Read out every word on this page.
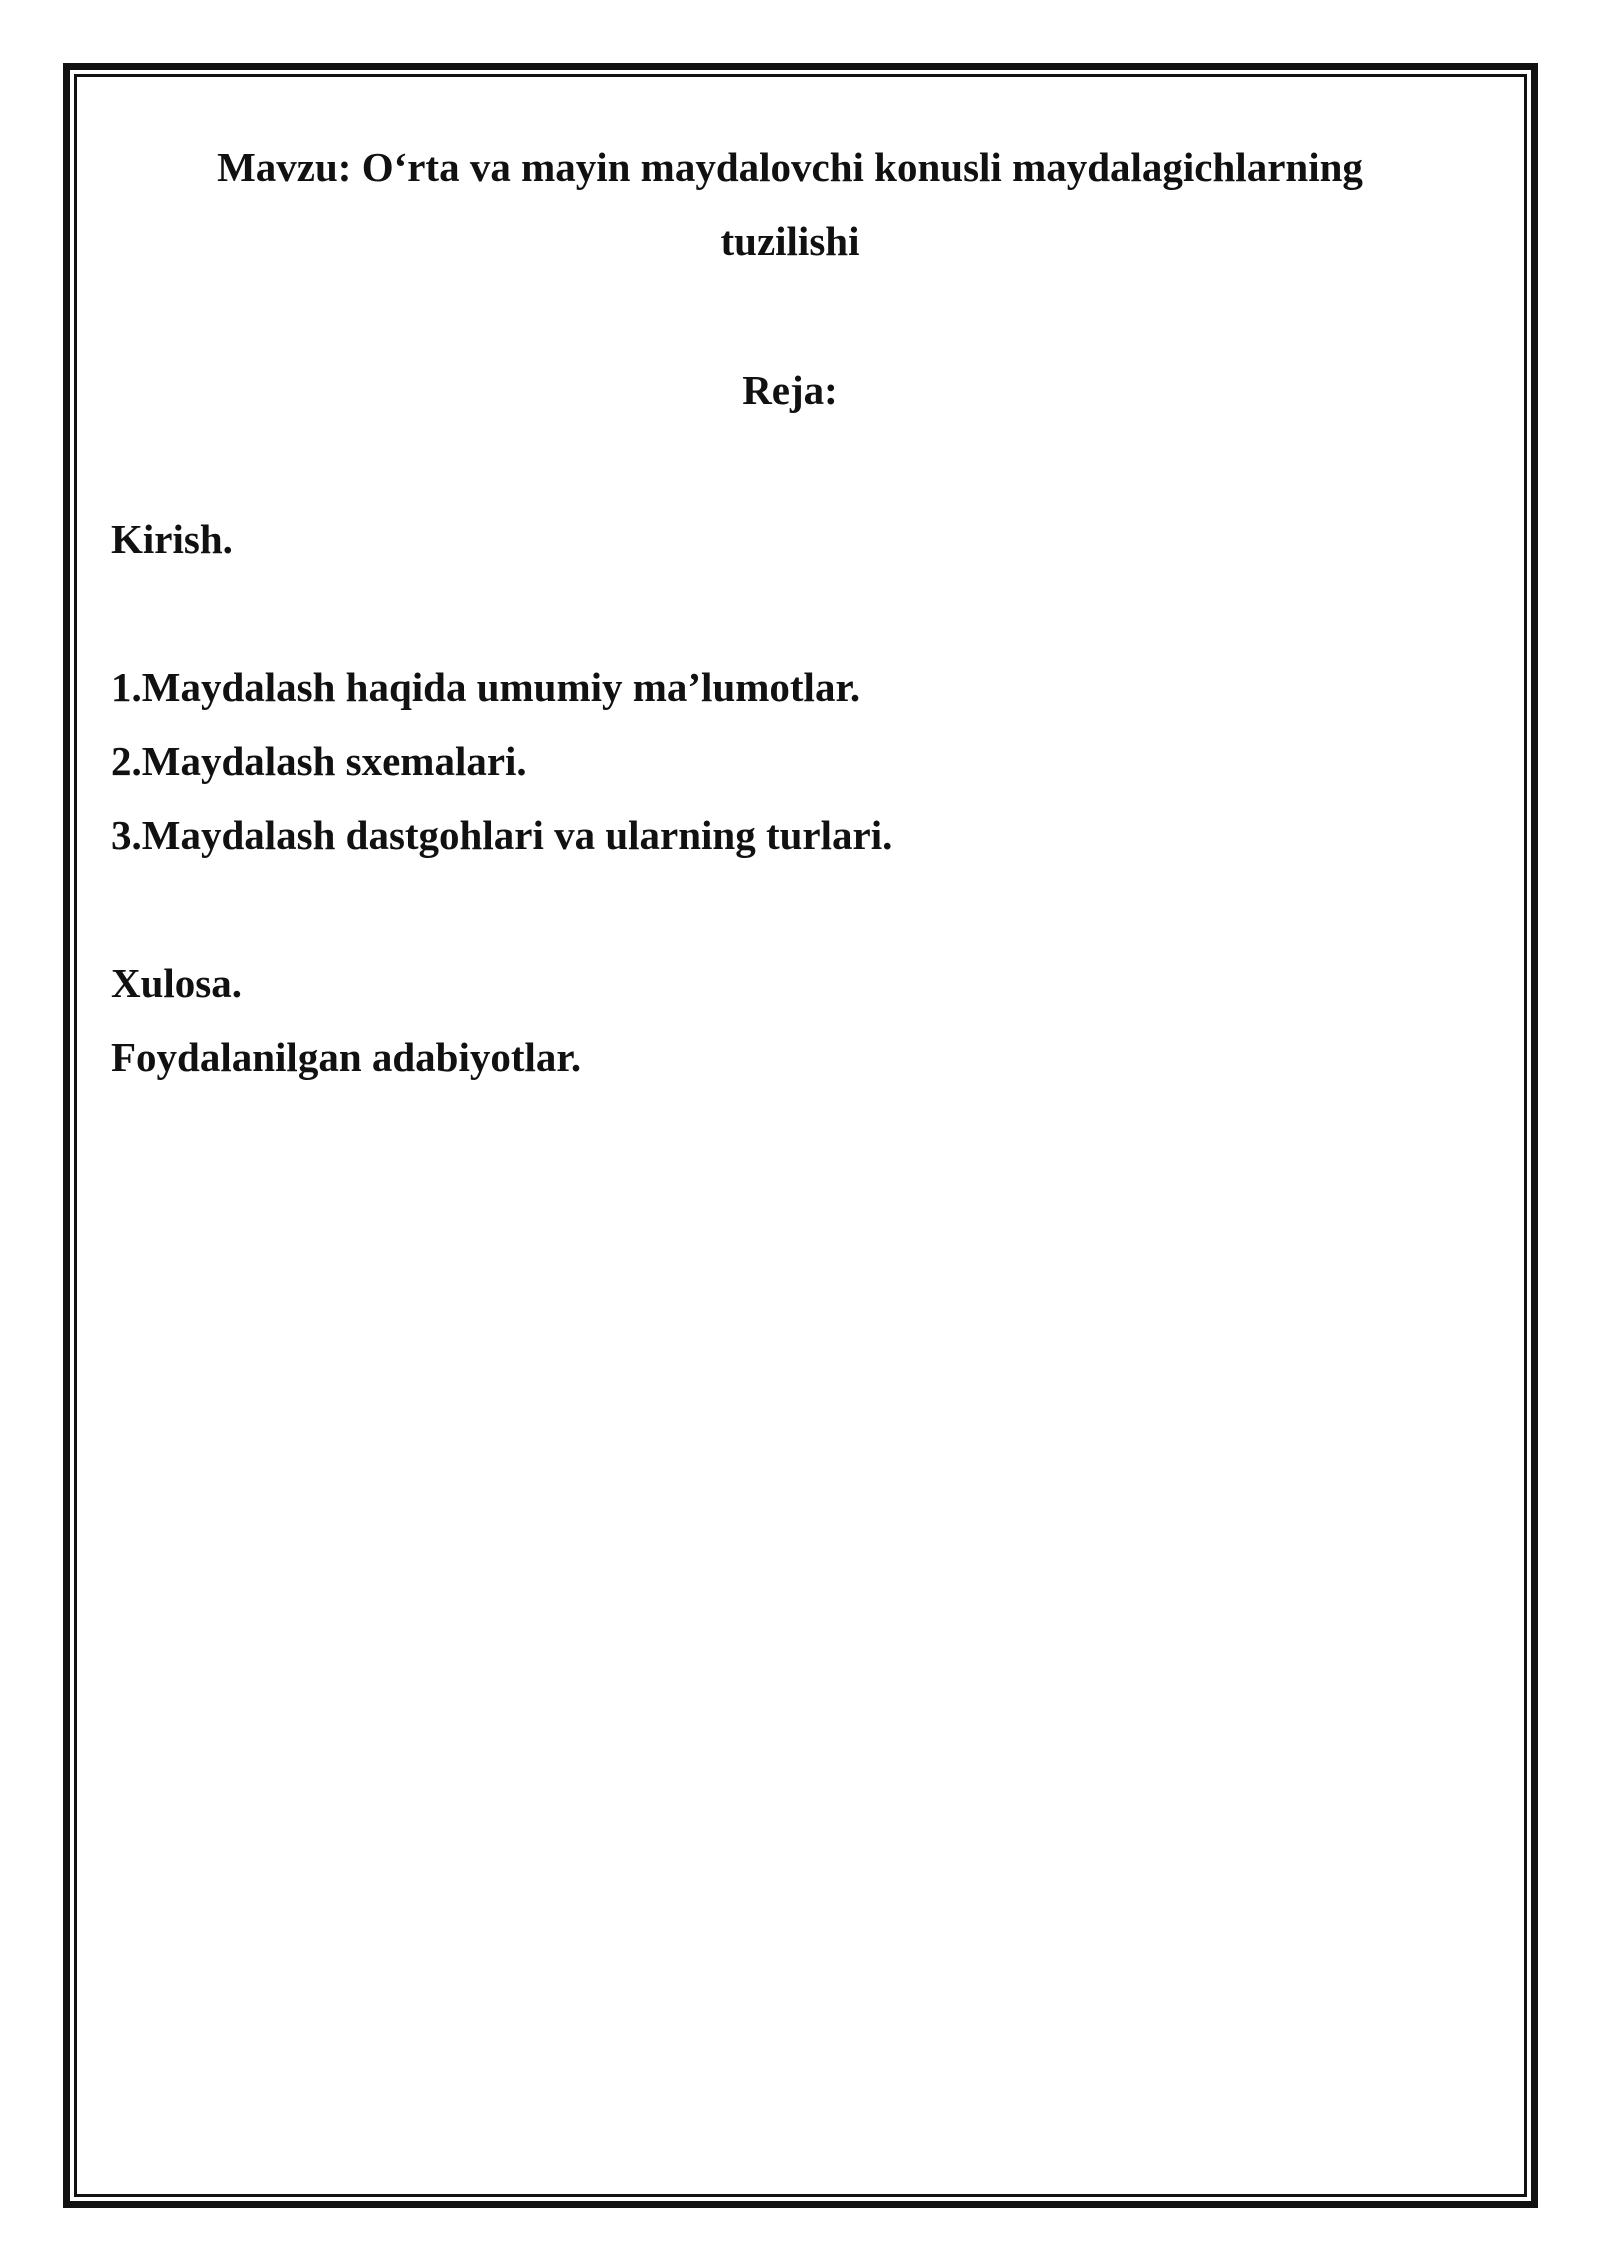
Mavzu: O‘rta va mayin maydalovchi konusli maydalagichlarning

tuzilishi

Reja:

Kirish.

1.Maydalash haqida umumiy ma’lumotlar.

2.Maydalash sxemalari.

3.Maydalash dastgohlari va ularning turlari.

Xulosa.

Foydalanilgan adabiyotlar.
